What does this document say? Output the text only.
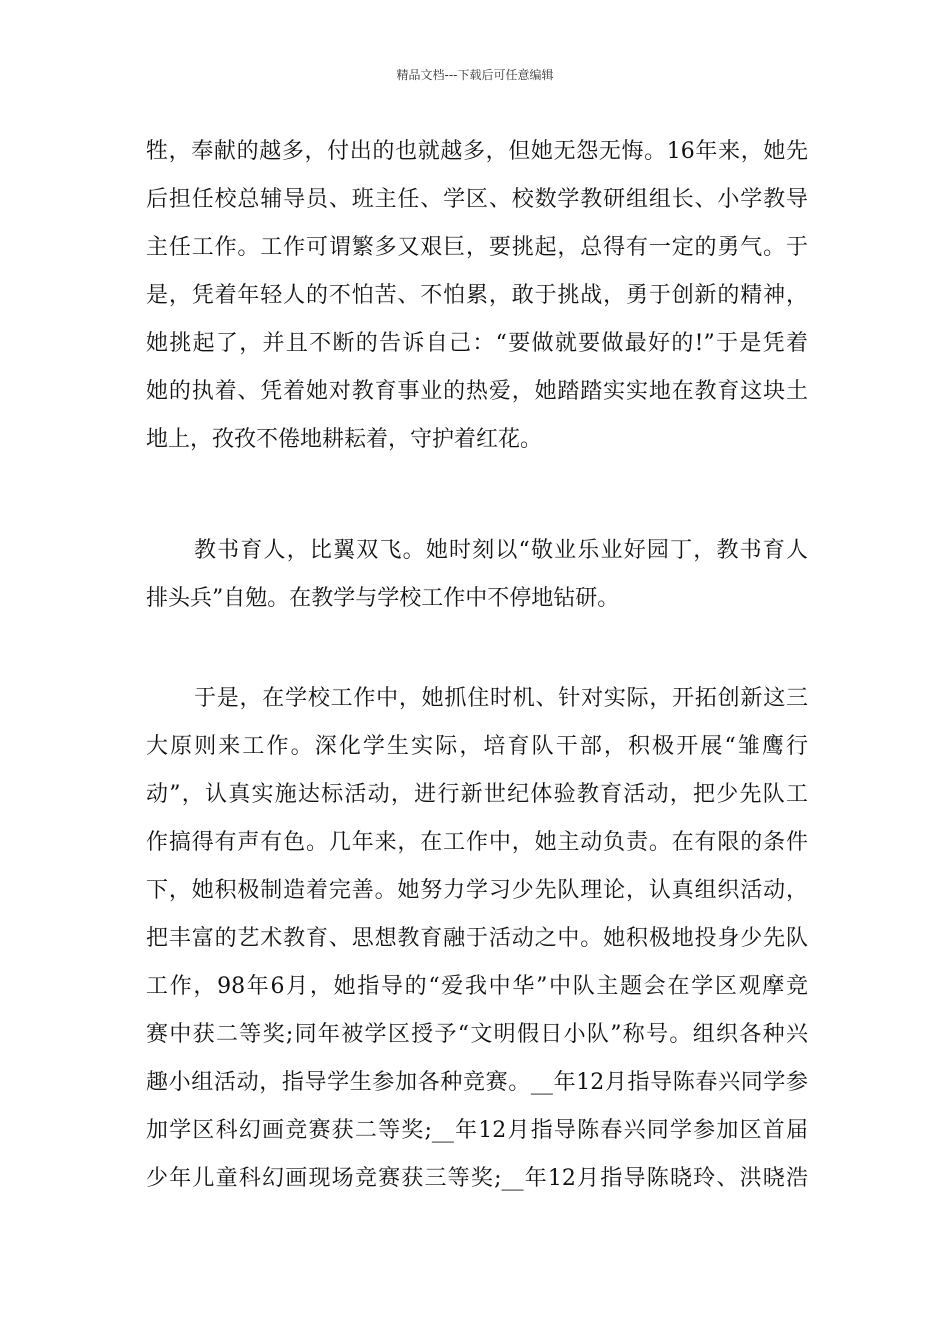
精品文档---下载后可任意编辑
牲，奉献的越多，付出的也就越多，但她无怨无悔。16年来，她先
后担任校总辅导员、班主任、学区、校数学教研组组长、小学教导
主任工作。工作可谓繁多又艰巨，要挑起，总得有一定的勇气。于
是，凭着年轻人的不怕苦、不怕累，敢于挑战，勇于创新的精神，
她挑起了，并且不断的告诉自己：“要做就要做最好的!”于是凭着
她的执着、凭着她对教育事业的热爱，她踏踏实实地在教育这块土
地上，孜孜不倦地耕耘着，守护着红花。
教书育人，比翼双飞。她时刻以“敬业乐业好园丁，教书育人
排头兵”自勉。在教学与学校工作中不停地钻研。
于是，在学校工作中，她抓住时机、针对实际，开拓创新这三
大原则来工作。深化学生实际，培育队干部，积极开展“雏鹰行
动”，认真实施达标活动，进行新世纪体验教育活动，把少先队工
作搞得有声有色。几年来，在工作中，她主动负责。在有限的条件
下，她积极制造着完善。她努力学习少先队理论，认真组织活动，
把丰富的艺术教育、思想教育融于活动之中。她积极地投身少先队
工作，98年6月，她指导的“爱我中华”中队主题会在学区观摩竞
赛中获二等奖;同年被学区授予“文明假日小队”称号。组织各种兴
趣小组活动，指导学生参加各种竞赛。__年12月指导陈春兴同学参
加学区科幻画竞赛获二等奖;__年12月指导陈春兴同学参加区首届
少年儿童科幻画现场竞赛获三等奖;__年12月指导陈晓玲、洪晓浩
